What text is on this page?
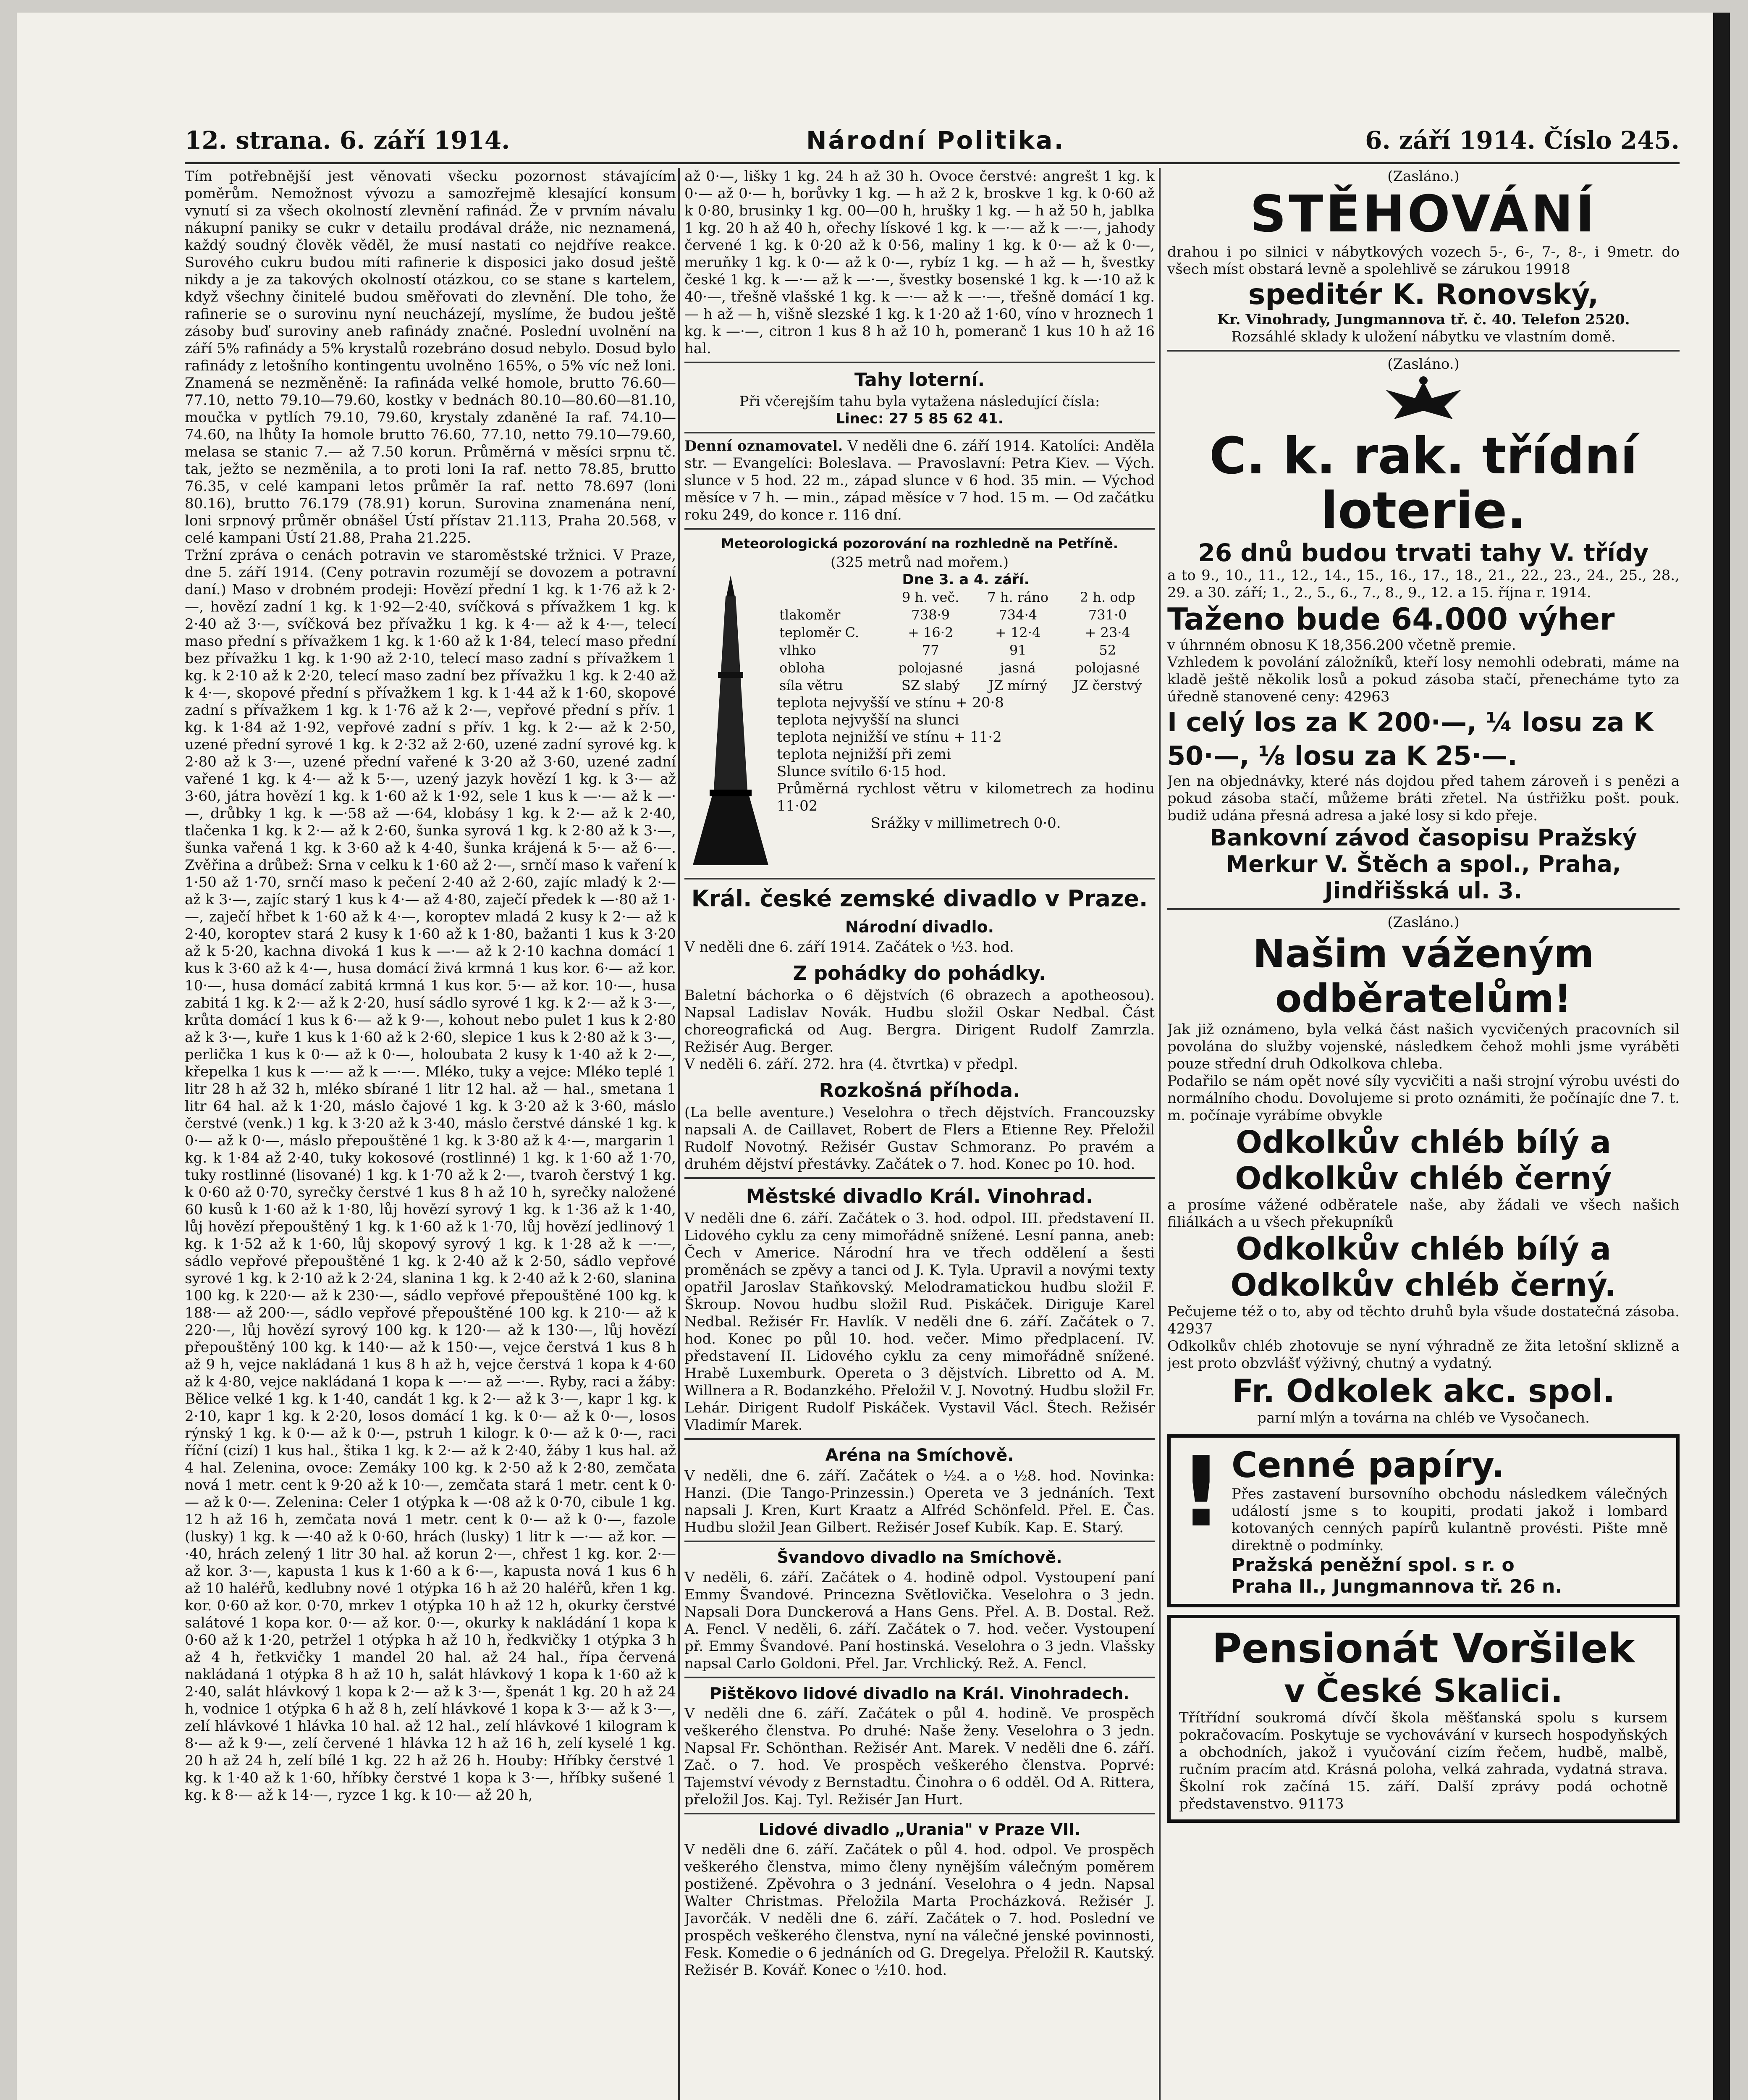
12. strana. 6. září 1914.	Národní Politika.	6. září 1914. Číslo 245.

Tím potřebnější jest věnovati všecku pozornost stávajícím poměrům. Nemožnost vývozu a samozřejmě klesající konsum vynutí si za všech okolností zlevnění rafinád. Že v prvním návalu nákupní paniky se cukr v detailu prodával dráže, nic neznamená, každý soudný člověk věděl, že musí nastati co nejdříve reakce. Surového cukru budou míti rafinerie k disposici jako dosud ještě nikdy a je za takových okolností otázkou, co se stane s kartelem, když všechny činitelé budou směřovati do zlevnění. Dle toho, že rafinerie se o surovinu nyní neucházejí, myslíme, že budou ještě zásoby buď suroviny aneb rafinády značné. Poslední uvolnění na září 5% rafinády a 5% krystalů rozebráno dosud nebylo. Dosud bylo rafinády z letošního kontingentu uvolněno 165%, o 5% víc než loni. Znamená se nezměněně: Ia rafináda velké homole, brutto 76.60—77.10, netto 79.10—79.60, kostky v bednách 80.10—80.60—81.10, moučka v pytlích 79.10, 79.60, krystaly zdaněné Ia raf. 74.10—74.60, na lhůty Ia homole brutto 76.60, 77.10, netto 79.10—79.60, melasa se stanic 7.— až 7.50 korun. Průměrná v měsíci srpnu tč. tak, ježto se nezměnila, a to proti loni Ia raf. netto 78.85, brutto 76.35, v celé kampani letos průměr Ia raf. netto 78.697 (loni 80.16), brutto 76.179 (78.91) korun. Surovina znamenána není, loni srpnový průměr obnášel Ústí přístav 21.113, Praha 20.568, v celé kampani Ústí 21.88, Praha 21.225.

Tržní zpráva o cenách potravin ve staroměstské tržnici. V Praze, dne 5. září 1914. (Ceny potravin rozumějí se dovozem a potravní daní.) Maso v drobném prodeji: Hovězí přední 1 kg. k 1·76 až k 2·—, hovězí zadní 1 kg. k 1·92—2·40, svíčková s přívažkem 1 kg. k 2·40 až 3·—, svíčková bez přívažku 1 kg. k 4·— až k 4·—, telecí maso přední s přívažkem 1 kg. k 1·60 až k 1·84, telecí maso přední bez přívažku 1 kg. k 1·90 až 2·10, telecí maso zadní s přívažkem 1 kg. k 2·10 až k 2·20, telecí maso zadní bez přívažku 1 kg. k 2·40 až k 4·—, skopové přední s přívažkem 1 kg. k 1·44 až k 1·60, skopové zadní s přívažkem 1 kg. k 1·76 až k 2·—, vepřové přední s přív. 1 kg. k 1·84 až 1·92, vepřové zadní s přív. 1 kg. k 2·— až k 2·50, uzené přední syrové 1 kg. k 2·32 až 2·60, uzené zadní syrové kg. k 2·80 až k 3·—, uzené přední vařené k 3·20 až 3·60, uzené zadní vařené 1 kg. k 4·— až k 5·—, uzený jazyk hovězí 1 kg. k 3·— až 3·60, játra hovězí 1 kg. k 1·60 až k 1·92, sele 1 kus k —·— až k —·—, drůbky 1 kg. k —·58 až —·64, klobásy 1 kg. k 2·— až k 2·40, tlačenka 1 kg. k 2·— až k 2·60, šunka syrová 1 kg. k 2·80 až k 3·—, šunka vařená 1 kg. k 3·60 až k 4·40, šunka krájená k 5·— až 6·—. Zvěřina a drůbež: Srna v celku k 1·60 až 2·—, srnčí maso k vaření k 1·50 až 1·70, srnčí maso k pečení 2·40 až 2·60, zajíc mladý k 2·— až k 3·—, zajíc starý 1 kus k 4·— až 4·80, zaječí předek k —·80 až 1·—, zaječí hřbet k 1·60 až k 4·—, koroptev mladá 2 kusy k 2·— až k 2·40, koroptev stará 2 kusy k 1·60 až k 1·80, bažanti 1 kus k 3·20 až k 5·20, kachna divoká 1 kus k —·— až k 2·10 kachna domácí 1 kus k 3·60 až k 4·—, husa domácí živá krmná 1 kus kor. 6·— až kor. 10·—, husa domácí zabitá krmná 1 kus kor. 5·— až kor. 10·—, husa zabitá 1 kg. k 2·— až k 2·20, husí sádlo syrové 1 kg. k 2·— až k 3·—, krůta domácí 1 kus k 6·— až k 9·—, kohout nebo pulet 1 kus k 2·80 až k 3·—, kuře 1 kus k 1·60 až k 2·60, slepice 1 kus k 2·80 až k 3·—, perlička 1 kus k 0·— až k 0·—, holoubata 2 kusy k 1·40 až k 2·—, křepelka 1 kus k —·— až k —·—. Mléko, tuky a vejce: Mléko teplé 1 litr 28 h až 32 h, mléko sbírané 1 litr 12 hal. až — hal., smetana 1 litr 64 hal. až k 1·20, máslo čajové 1 kg. k 3·20 až k 3·60, máslo čerstvé (venk.) 1 kg. k 3·20 až k 3·40, máslo čerstvé dánské 1 kg. k 0·— až k 0·—, máslo přepouštěné 1 kg. k 3·80 až k 4·—, margarin 1 kg. k 1·84 až 2·40, tuky kokosové (rostlinné) 1 kg. k 1·60 až 1·70, tuky rostlinné (lisované) 1 kg. k 1·70 až k 2·—, tvaroh čerstvý 1 kg. k 0·60 až 0·70, syrečky čerstvé 1 kus 8 h až 10 h, syrečky naložené 60 kusů k 1·60 až k 1·80, lůj hovězí syrový 1 kg. k 1·36 až k 1·40, lůj hovězí přepouštěný 1 kg. k 1·60 až k 1·70, lůj hovězí jedlinový 1 kg. k 1·52 až k 1·60, lůj skopový syrový 1 kg. k 1·28 až k —·—, sádlo vepřové přepouštěné 1 kg. k 2·40 až k 2·50, sádlo vepřové syrové 1 kg. k 2·10 až k 2·24, slanina 1 kg. k 2·40 až k 2·60, slanina 100 kg. k 220·— až k 230·—, sádlo vepřové přepouštěné 100 kg. k 188·— až 200·—, sádlo vepřové přepouštěné 100 kg. k 210·— až k 220·—, lůj hovězí syrový 100 kg. k 120·— až k 130·—, lůj hovězí přepouštěný 100 kg. k 140·— až k 150·—, vejce čerstvá 1 kus 8 h až 9 h, vejce nakládaná 1 kus 8 h až h, vejce čerstvá 1 kopa k 4·60 až k 4·80, vejce nakládaná 1 kopa k —·— až —·—. Ryby, raci a žáby: Bělice velké 1 kg. k 1·40, candát 1 kg. k 2·— až k 3·—, kapr 1 kg. k 2·10, kapr 1 kg. k 2·20, losos domácí 1 kg. k 0·— až k 0·—, losos rýnský 1 kg. k 0·— až k 0·—, pstruh 1 kilogr. k 0·— až k 0·—, raci říční (cizí) 1 kus hal., štika 1 kg. k 2·— až k 2·40, žáby 1 kus hal. až 4 hal. Zelenina, ovoce: Zemáky 100 kg. k 2·50 až k 2·80, zemčata nová 1 metr. cent k 9·20 až k 10·—, zemčata stará 1 metr. cent k 0·— až k 0·—. Zelenina: Celer 1 otýpka k —·08 až k 0·70, cibule 1 kg. 12 h až 16 h, zemčata nová 1 metr. cent k 0·— až k 0·—, fazole (lusky) 1 kg. k —·40 až k 0·60, hrách (lusky) 1 litr k —·— až kor. —·40, hrách zelený 1 litr 30 hal. až korun 2·—, chřest 1 kg. kor. 2·— až kor. 3·—, kapusta 1 kus k 1·60 a k 6·—, kapusta nová 1 kus 6 h až 10 haléřů, kedlubny nové 1 otýpka 16 h až 20 haléřů, křen 1 kg. kor. 0·60 až kor. 0·70, mrkev 1 otýpka 10 h až 12 h, okurky čerstvé salátové 1 kopa kor. 0·— až kor. 0·—, okurky k nakládání 1 kopa k 0·60 až k 1·20, petržel 1 otýpka h až 10 h, ředkvičky 1 otýpka 3 h až 4 h, řetkvičky 1 mandel 20 hal. až 24 hal., řípa červená nakládaná 1 otýpka 8 h až 10 h, salát hlávkový 1 kopa k 1·60 až k 2·40, salát hlávkový 1 kopa k 2·— až k 3·—, špenát 1 kg. 20 h až 24 h, vodnice 1 otýpka 6 h až 8 h, zelí hlávkové 1 kopa k 3·— až k 3·—, zelí hlávkové 1 hlávka 10 hal. až 12 hal., zelí hlávkové 1 kilogram k 8·— až k 9·—, zelí červené 1 hlávka 12 h až 16 h, zelí kyselé 1 kg. 20 h až 24 h, zelí bílé 1 kg. 22 h až 26 h. Houby: Hříbky čerstvé 1 kg. k 1·40 až k 1·60, hříbky čerstvé 1 kopa k 3·—, hříbky sušené 1 kg. k 8·— až k 14·—, ryzce 1 kg. k 10·— až 20 h,

až 0·—, lišky 1 kg. 24 h až 30 h. Ovoce čerstvé: angrešt 1 kg. k 0·— až 0·— h, borůvky 1 kg. — h až 2 k, broskve 1 kg. k 0·60 až k 0·80, brusinky 1 kg. 00—00 h, hrušky 1 kg. — h až 50 h, jablka 1 kg. 20 h až 40 h, ořechy lískové 1 kg. k —·— až k —·—, jahody červené 1 kg. k 0·20 až k 0·56, maliny 1 kg. k 0·— až k 0·—, meruňky 1 kg. k 0·— až k 0·—, rybíz 1 kg. — h až — h, švestky české 1 kg. k —·— až k —·—, švestky bosenské 1 kg. k —·10 až k 40·—, třešně vlašské 1 kg. k —·— až k —·—, třešně domácí 1 kg. — h až — h, višně slezské 1 kg. k 1·20 až 1·60, víno v hroznech 1 kg. k —·—, citron 1 kus 8 h až 10 h, pomeranč 1 kus 10 h až 16 hal.

Tahy loterní.

Při včerejším tahu byla vytažena následující čísla:

Linec: 27 5 85 62 41.

Denní oznamovatel. V neděli dne 6. září 1914. Katolíci: Anděla str. — Evangelíci: Boleslava. — Pravoslavní: Petra Kiev. — Vých. slunce v 5 hod. 22 m., západ slunce v 6 hod. 35 min. — Východ měsíce v 7 h. — min., západ měsíce v 7 hod. 15 m. — Od začátku roku 249, do konce r. 116 dní.

Meteorologická pozorování na rozhledně na Petříně.
(325 metrů nad mořem.)
Dne 3. a 4. září.
	9 h. več.	7 h. ráno	2 h. odp
tlakoměr	738·9	734·4	731·0
teploměr C.	+ 16·2	+ 12·4	+ 23·4
vlhko	77	91	52
obloha	polojasné	jasná	polojasné
síla větru	SZ slabý	JZ mírný	JZ čerstvý
teplota nejvyšší ve stínu + 20·8
teplota nejvyšší na slunci
teplota nejnižší ve stínu + 11·2
teplota nejnižší při zemi
Slunce svítilo 6·15 hod.
Průměrná rychlost větru v kilometrech za hodinu 11·02
Srážky v millimetrech 0·0.
Král. české zemské divadlo v Praze.
Národní divadlo.

V neděli dne 6. září 1914. Začátek o ½3. hod.

Z pohádky do pohádky.

Baletní báchorka o 6 dějstvích (6 obrazech a apotheosou). Napsal Ladislav Novák. Hudbu složil Oskar Nedbal. Část choreografická od Aug. Bergra. Dirigent Rudolf Zamrzla. Režisér Aug. Berger.

V neděli 6. září. 272. hra (4. čtvrtka) v předpl.

Rozkošná příhoda.

(La belle aventure.) Veselohra o třech dějstvích. Francouzsky napsali A. de Caillavet, Robert de Flers a Etienne Rey. Přeložil Rudolf Novotný. Režisér Gustav Schmoranz. Po pravém a druhém dějství přestávky. Začátek o 7. hod. Konec po 10. hod.

Městské divadlo Král. Vinohrad.

V neděli dne 6. září. Začátek o 3. hod. odpol. III. představení II. Lidového cyklu za ceny mimořádně snížené. Lesní panna, aneb: Čech v Americe. Národní hra ve třech oddělení a šesti proměnách se zpěvy a tanci od J. K. Tyla. Upravil a novými texty opatřil Jaroslav Staňkovský. Melodramatickou hudbu složil F. Škroup. Novou hudbu složil Rud. Piskáček. Diriguje Karel Nedbal. Režisér Fr. Havlík. V neděli dne 6. září. Začátek o 7. hod. Konec po půl 10. hod. večer. Mimo předplacení. IV. představení II. Lidového cyklu za ceny mimořádně snížené. Hrabě Luxemburk. Opereta o 3 dějstvích. Libretto od A. M. Willnera a R. Bodanzkého. Přeložil V. J. Novotný. Hudbu složil Fr. Lehár. Dirigent Rudolf Piskáček. Vystavil Václ. Štech. Režisér Vladimír Marek.

Aréna na Smíchově.

V neděli, dne 6. září. Začátek o ½4. a o ½8. hod. Novinka: Hanzi. (Die Tango-Prinzessin.) Opereta ve 3 jednáních. Text napsali J. Kren, Kurt Kraatz a Alfréd Schönfeld. Přel. E. Čas. Hudbu složil Jean Gilbert. Režisér Josef Kubík. Kap. E. Starý.

Švandovo divadlo na Smíchově.

V neděli, 6. září. Začátek o 4. hodině odpol. Vystoupení paní Emmy Švandové. Princezna Světlovička. Veselohra o 3 jedn. Napsali Dora Dunckerová a Hans Gens. Přel. A. B. Dostal. Rež. A. Fencl. V neděli, 6. září. Začátek o 7. hod. večer. Vystoupení př. Emmy Švandové. Paní hostinská. Veselohra o 3 jedn. Vlašsky napsal Carlo Goldoni. Přel. Jar. Vrchlický. Rež. A. Fencl.

Pištěkovo lidové divadlo na Král. Vinohradech.

V neděli dne 6. září. Začátek o půl 4. hodině. Ve prospěch veškerého členstva. Po druhé: Naše ženy. Veselohra o 3 jedn. Napsal Fr. Schönthan. Režisér Ant. Marek. V neděli dne 6. září. Zač. o 7. hod. Ve prospěch veškerého členstva. Poprvé: Tajemství vévody z Bernstadtu. Činohra o 6 odděl. Od A. Rittera, přeložil Jos. Kaj. Tyl. Režisér Jan Hurt.

Lidové divadlo „Urania" v Praze VII.

V neděli dne 6. září. Začátek o půl 4. hod. odpol. Ve prospěch veškerého členstva, mimo členy nynějším válečným poměrem postižené. Zpěvohra o 3 jednání. Veselohra o 4 jedn. Napsal Walter Christmas. Přeložila Marta Procházková. Režisér J. Javorčák. V neděli dne 6. září. Začátek o 7. hod. Poslední ve prospěch veškerého členstva, nyní na válečné jenské povinnosti, Fesk. Komedie o 6 jednáních od G. Dregelya. Přeložil R. Kautský. Režisér B. Kovář. Konec o ½10. hod.

(Zasláno.)
STĚHOVÁNÍ

drahou i po silnici v nábytkových vozech 5-, 6-, 7-, 8-, i 9metr. do všech míst obstará levně a spolehlivě se zárukou 19918

speditér K. Ronovský,
Kr. Vinohrady, Jungmannova tř. č. 40. Telefon 2520.
Rozsáhlé sklady k uložení nábytku ve vlastním domě.
(Zasláno.)
C. k. rak. třídní loterie.
26 dnů budou trvati tahy V. třídy

a to 9., 10., 11., 12., 14., 15., 16., 17., 18., 21., 22., 23., 24., 25., 28., 29. a 30. září; 1., 2., 5., 6., 7., 8., 9., 12. a 15. října r. 1914.

Taženo bude 64.000 výher

v úhrnném obnosu K 18,356.200 včetně premie.

Vzhledem k povolání záložníků, kteří losy nemohli odebrati, máme na kladě ještě několik losů a pokud zásoba stačí, přenecháme tyto za úředně stanovené ceny: 42963

I celý los za K 200·—, ¼ losu za K 50·—, ⅛ losu za K 25·—.

Jen na objednávky, které nás dojdou před tahem zároveň i s penězi a pokud zásoba stačí, můžeme bráti zřetel. Na ústřižku pošt. pouk. budiž udána přesná adresa a jaké losy si kdo přeje.

Bankovní závod časopisu Pražský Merkur V. Štěch a spol., Praha, Jindřišská ul. 3.
(Zasláno.)
Našim váženým odběratelům!

Jak již oznámeno, byla velká část našich vycvičených pracovních sil povolána do služby vojenské, následkem čehož mohli jsme vyráběti pouze střední druh Odkolkova chleba.

Podařilo se nám opět nové síly vycvičiti a naši strojní výrobu uvésti do normálního chodu. Dovolujeme si proto oznámiti, že počínajíc dne 7. t. m. počínaje vyrábíme obvykle

Odkolkův chléb bílý a Odkolkův chléb černý

a prosíme vážené odběratele naše, aby žádali ve všech našich filiálkách a u všech překupníků

Odkolkův chléb bílý a Odkolkův chléb černý.

Pečujeme též o to, aby od těchto druhů byla všude dostatečná zásoba. 42937

Odkolkův chléb zhotovuje se nyní výhradně ze žita letošní sklizně a jest proto obzvlášť výživný, chutný a vydatný.

Fr. Odkolek akc. spol.
parní mlýn a továrna na chléb ve Vysočanech.
! Cenné papíry.

Přes zastavení bursovního obchodu následkem válečných událostí jsme s to koupiti, prodati jakož i lombard kotovaných cenných papírů kulantně provésti. Pište mně direktně o podmínky.

Pražská peněžní spol. s r. o
Praha II., Jungmannova tř. 26 n.
Pensionát Voršilek
v České Skalici.

Třítřídní soukromá dívčí škola měšťanská spolu s kursem pokračovacím. Poskytuje se vychovávání v kursech hospodyňských a obchodních, jakož i vyučování cizím řečem, hudbě, malbě, ručním pracím atd. Krásná poloha, velká zahrada, vydatná strava. Školní rok začíná 15. září. Další zprávy podá ochotně představenstvo. 91173
